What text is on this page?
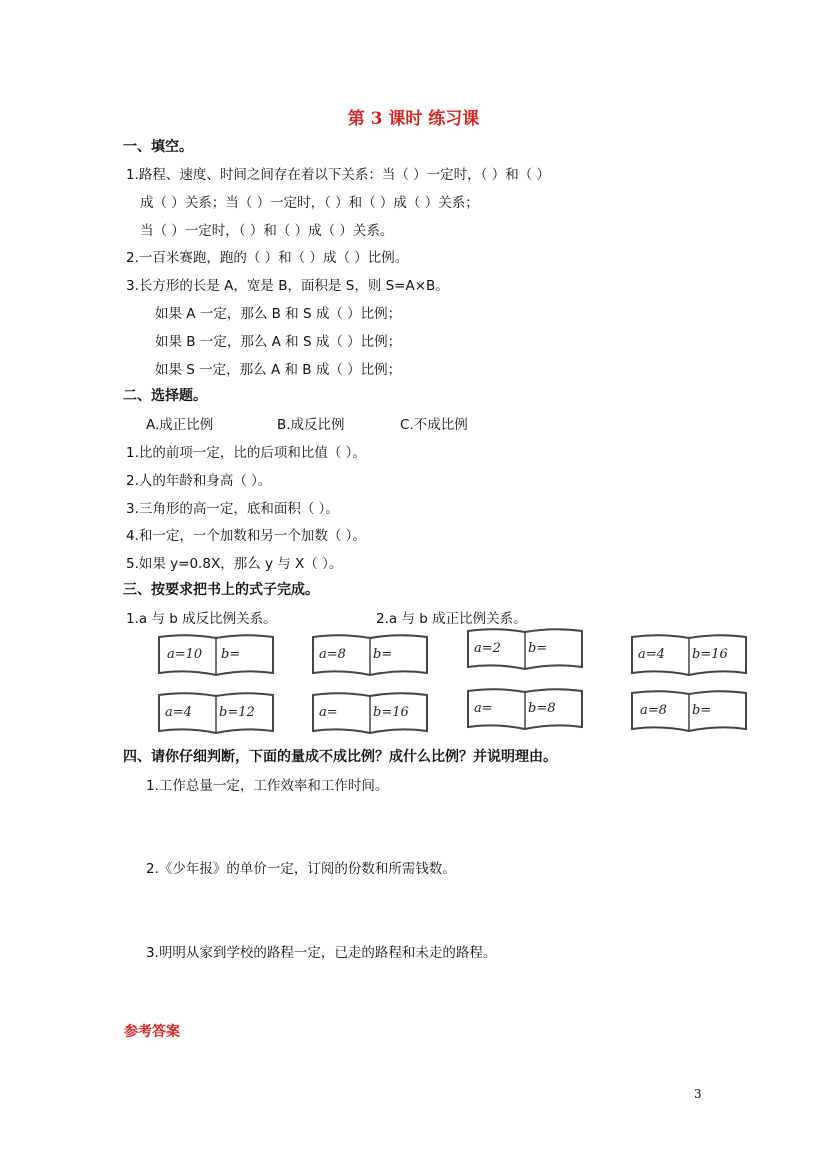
第 3 课时 练习课
一、填空。
1.路程、速度、时间之间存在着以下关系：当（ ）一定时，（ ）和（ ）
成（ ）关系；当（ ）一定时，（ ）和（ ）成（ ）关系；
当（ ）一定时，（ ）和（ ）成（ ）关系。
2.一百米赛跑，跑的（ ）和（ ）成（ ）比例。
3.长方形的长是 A，宽是 B，面积是 S，则 S=A×B。
如果 A 一定，那么 B 和 S 成（ ）比例；
如果 B 一定，那么 A 和 S 成（ ）比例；
如果 S 一定，那么 A 和 B 成（ ）比例；
二、选择题。
A.成正比例	B.成反比例	C.不成比例
1.比的前项一定，比的后项和比值（ ）。
2.人的年龄和身高（ ）。
3.三角形的高一定，底和面积（ ）。
4.和一定，一个加数和另一个加数（ ）。
5.如果 y=0.8X，那么 y 与 X（ ）。
三、按要求把书上的式子完成。
1.a 与 b 成反比例关系。	2.a 与 b 成正比例关系。
a=10 b=	a=8 b=	a=2 b=	a=4 b=16
a=4 b=12	a=	b=16	a=	b=8	a=8 b=
四、请你仔细判断，下面的量成不成比例？成什么比例？并说明理由。
1.工作总量一定，工作效率和工作时间。
2.《少年报》的单价一定，订阅的份数和所需钱数。
3.明明从家到学校的路程一定，已走的路程和未走的路程。
参考答案
3
